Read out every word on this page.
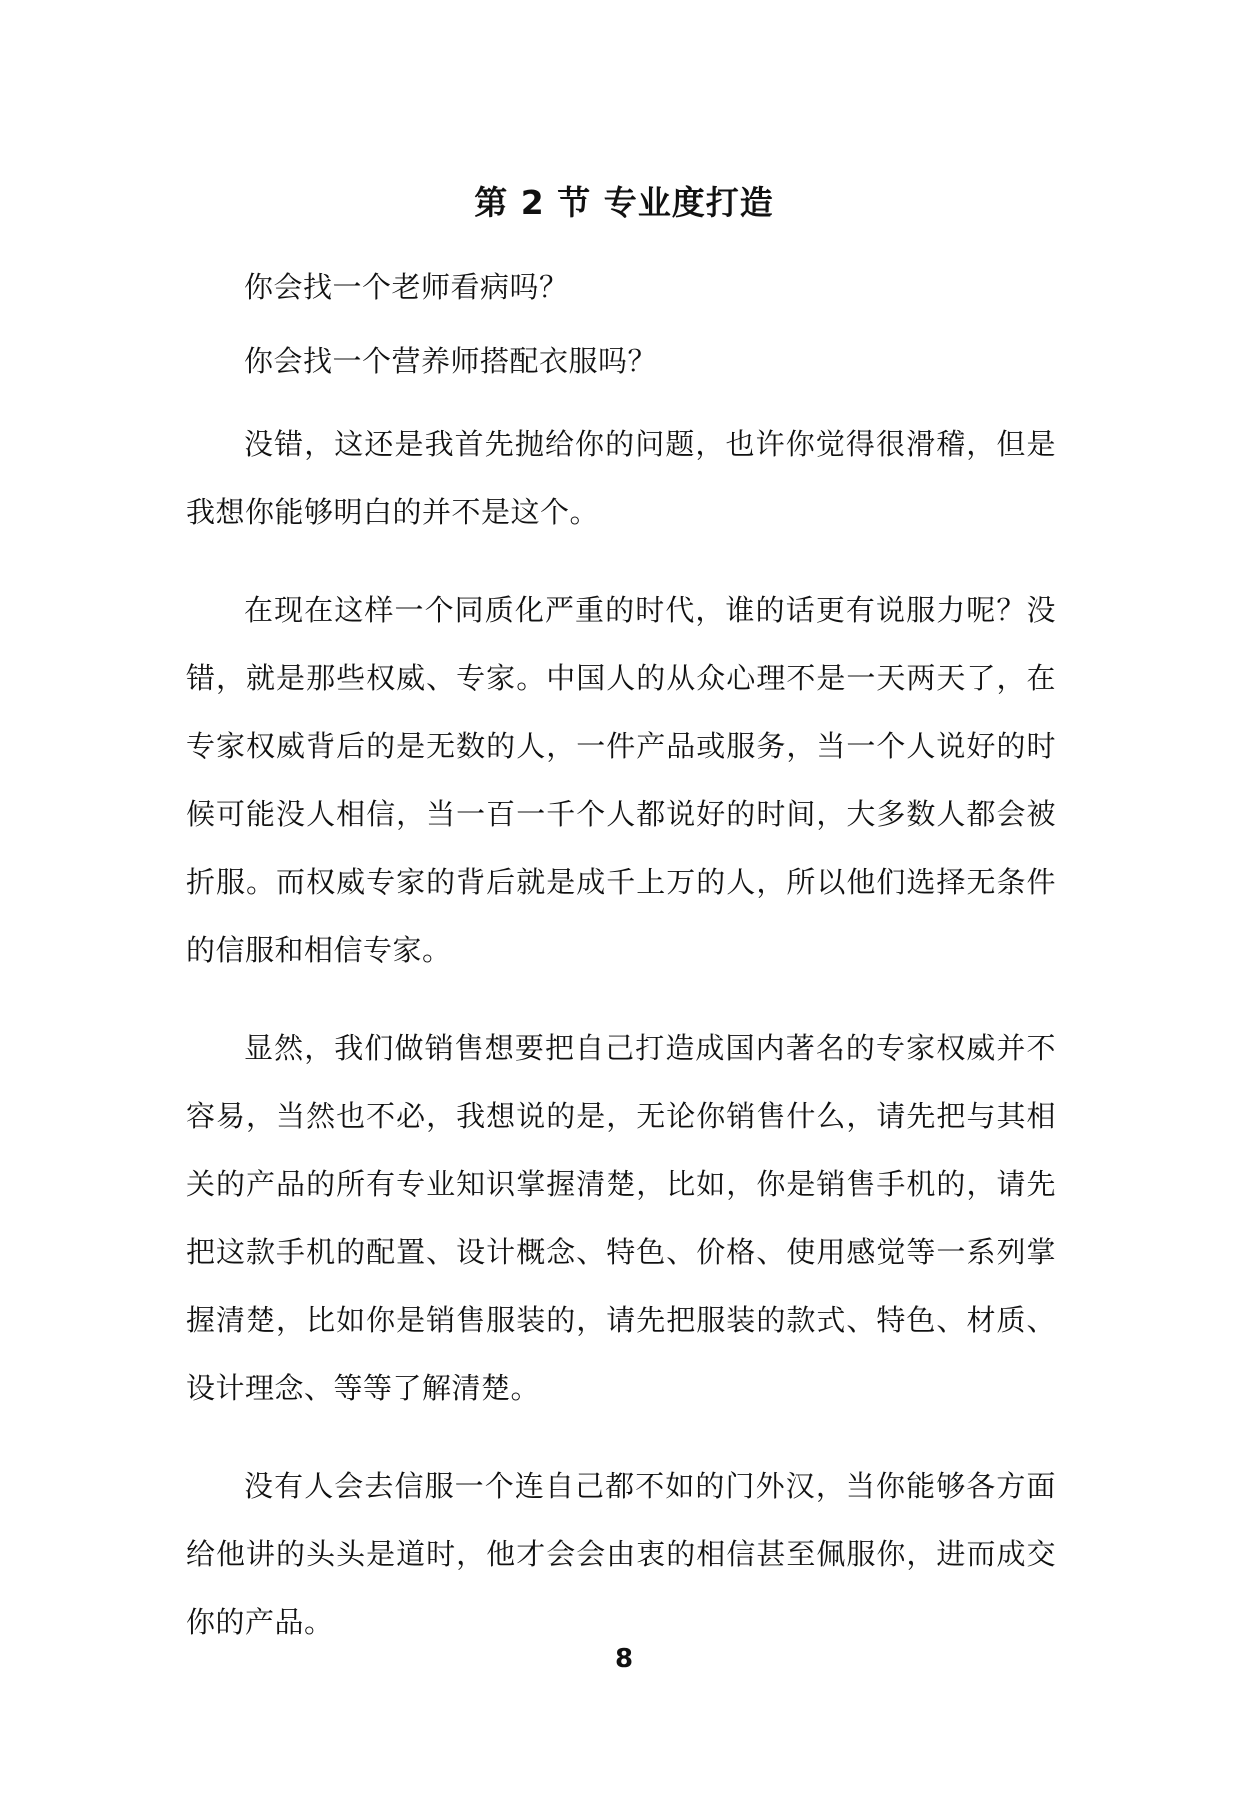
第 2 节 专业度打造

你会找一个老师看病吗？

你会找一个营养师搭配衣服吗？

没错，这还是我首先抛给你的问题，也许你觉得很滑稽，但是我想你能够明白的并不是这个。

在现在这样一个同质化严重的时代，谁的话更有说服力呢？没错，就是那些权威、专家。中国人的从众心理不是一天两天了，在专家权威背后的是无数的人，一件产品或服务，当一个人说好的时候可能没人相信，当一百一千个人都说好的时间，大多数人都会被折服。而权威专家的背后就是成千上万的人，所以他们选择无条件的信服和相信专家。

显然，我们做销售想要把自己打造成国内著名的专家权威并不容易，当然也不必，我想说的是，无论你销售什么，请先把与其相关的产品的所有专业知识掌握清楚，比如，你是销售手机的，请先把这款手机的配置、设计概念、特色、价格、使用感觉等一系列掌握清楚，比如你是销售服装的，请先把服装的款式、特色、材质、设计理念、等等了解清楚。

没有人会去信服一个连自己都不如的门外汉，当你能够各方面给他讲的头头是道时，他才会会由衷的相信甚至佩服你，进而成交你的产品。

8
